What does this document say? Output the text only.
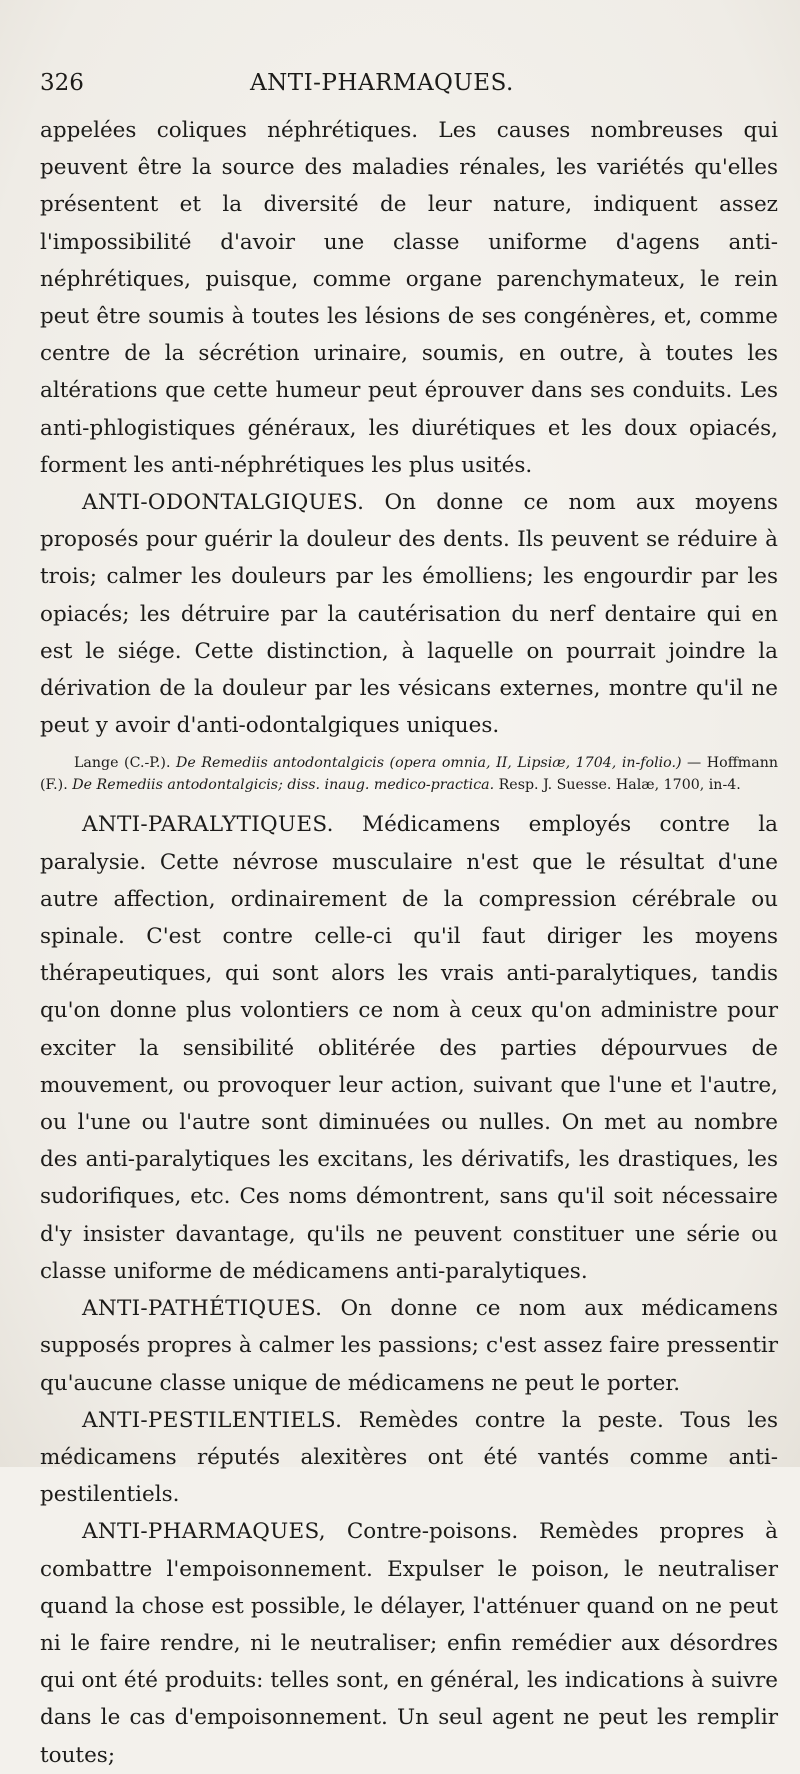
326	ANTI-PHARMAQUES.

appelées coliques néphrétiques. Les causes nombreuses qui peuvent être la source des maladies rénales, les variétés qu'elles présentent et la diversité de leur nature, indiquent assez l'impossibilité d'avoir une classe uniforme d'agens anti-néphrétiques, puisque, comme organe parenchymateux, le rein peut être soumis à toutes les lésions de ses congénères, et, comme centre de la sécrétion urinaire, soumis, en outre, à toutes les altérations que cette humeur peut éprouver dans ses conduits. Les anti-phlogistiques généraux, les diurétiques et les doux opiacés, forment les anti-néphrétiques les plus usités.

ANTI-ODONTALGIQUES. On donne ce nom aux moyens proposés pour guérir la douleur des dents. Ils peuvent se réduire à trois; calmer les douleurs par les émolliens; les engourdir par les opiacés; les détruire par la cautérisation du nerf dentaire qui en est le siége. Cette distinction, à laquelle on pourrait joindre la dérivation de la douleur par les vésicans externes, montre qu'il ne peut y avoir d'anti-odontalgiques uniques.

Lange (C.-P.). De Remediis antodontalgicis (opera omnia, II, Lipsiæ, 1704, in-folio.) — Hoffmann (F.). De Remediis antodontalgicis; diss. inaug. medico-practica. Resp. J. Suesse. Halæ, 1700, in-4.

ANTI-PARALYTIQUES. Médicamens employés contre la paralysie. Cette névrose musculaire n'est que le résultat d'une autre affection, ordinairement de la compression cérébrale ou spinale. C'est contre celle-ci qu'il faut diriger les moyens thérapeutiques, qui sont alors les vrais anti-paralytiques, tandis qu'on donne plus volontiers ce nom à ceux qu'on administre pour exciter la sensibilité oblitérée des parties dépourvues de mouvement, ou provoquer leur action, suivant que l'une et l'autre, ou l'une ou l'autre sont diminuées ou nulles. On met au nombre des anti-paralytiques les excitans, les dérivatifs, les drastiques, les sudorifiques, etc. Ces noms démontrent, sans qu'il soit nécessaire d'y insister davantage, qu'ils ne peuvent constituer une série ou classe uniforme de médicamens anti-paralytiques.

ANTI-PATHÉTIQUES. On donne ce nom aux médicamens supposés propres à calmer les passions; c'est assez faire pressentir qu'aucune classe unique de médicamens ne peut le porter.

ANTI-PESTILENTIELS. Remèdes contre la peste. Tous les médicamens réputés alexitères ont été vantés comme anti-pestilentiels.

ANTI-PHARMAQUES, Contre-poisons. Remèdes propres à combattre l'empoisonnement. Expulser le poison, le neutraliser quand la chose est possible, le délayer, l'atténuer quand on ne peut ni le faire rendre, ni le neutraliser; enfin remédier aux désordres qui ont été produits: telles sont, en général, les indications à suivre dans le cas d'empoisonnement. Un seul agent ne peut les remplir toutes;
